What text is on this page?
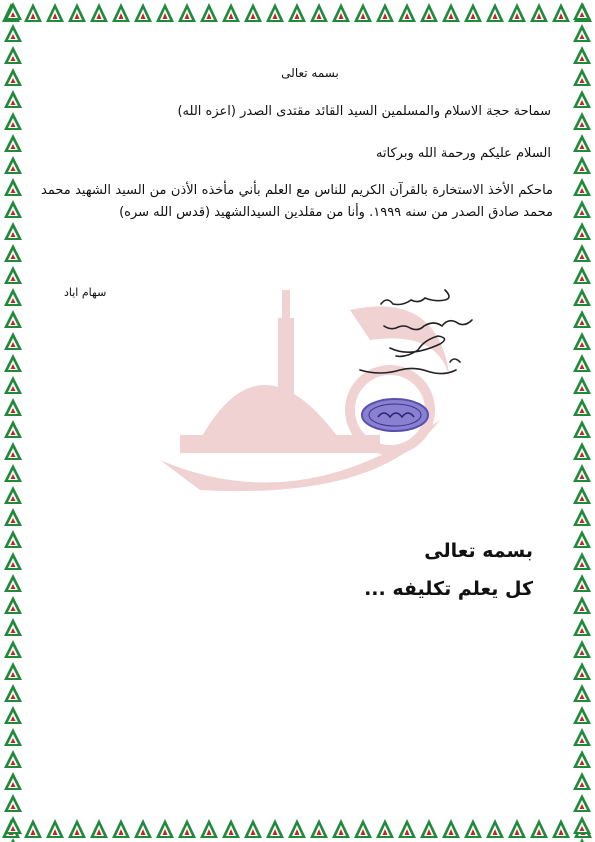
بسمه تعالى
سماحة حجة الاسلام والمسلمين السيد القائد مقتدى الصدر (اعزه الله)
السلام عليكم ورحمة الله وبركاته
ماحكم الأخذ الاستخارة بالقرآن الكريم للناس مع العلم بأني مأخذه الأذن من السيد الشهيد محمد محمد صادق الصدر من سنه ١٩٩٩. وأنا من مقلدين السيدالشهيد (قدس الله سره)
سهام اياد
بسمه تعالى
كل يعلم تكليفه ...
